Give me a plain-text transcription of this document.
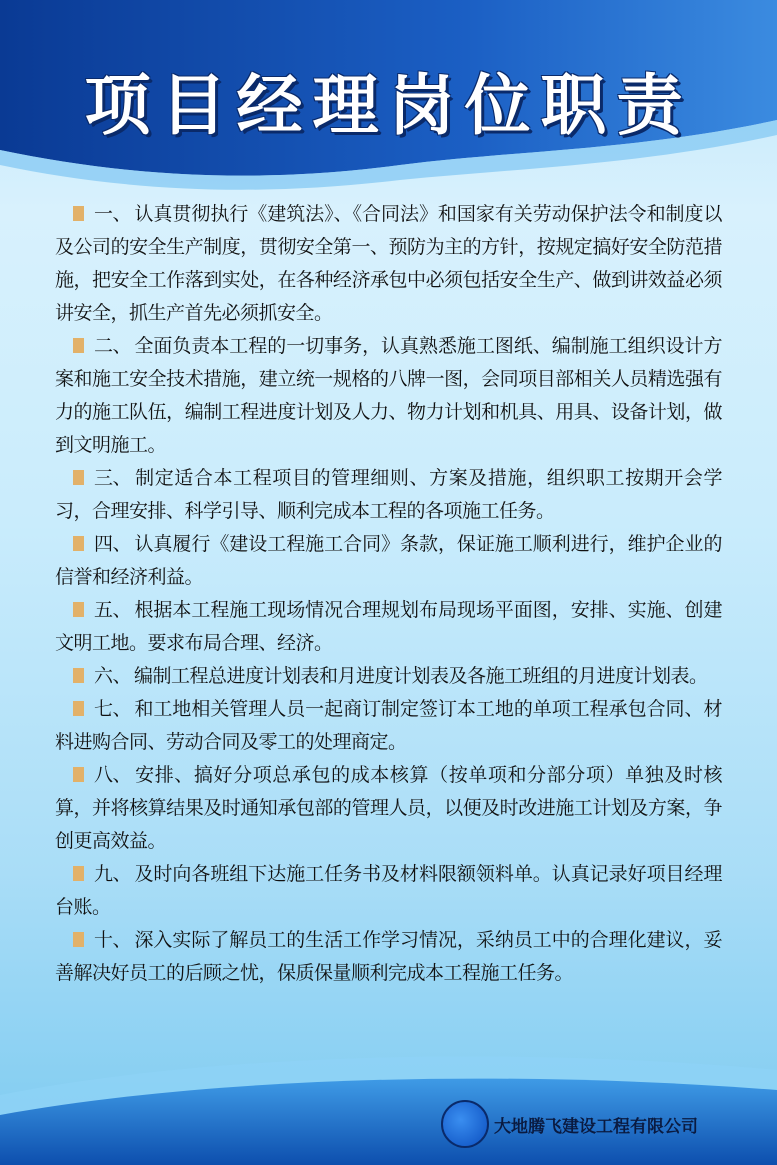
项目经理岗位职责

一、 认真贯彻执行《建筑法》、《合同法》和国家有关劳动保护法令和制度以及公司的安全生产制度，贯彻安全第一、预防为主的方针，按规定搞好安全防范措施，把安全工作落到实处，在各种经济承包中必须包括安全生产、做到讲效益必须讲安全，抓生产首先必须抓安全。

二、 全面负责本工程的一切事务，认真熟悉施工图纸、编制施工组织设计方案和施工安全技术措施，建立统一规格的八牌一图，会同项目部相关人员精选强有力的施工队伍，编制工程进度计划及人力、物力计划和机具、用具、设备计划，做到文明施工。

三、 制定适合本工程项目的管理细则、方案及措施，组织职工按期开会学习，合理安排、科学引导、顺利完成本工程的各项施工任务。

四、 认真履行《建设工程施工合同》条款，保证施工顺利进行，维护企业的信誉和经济利益。

五、 根据本工程施工现场情况合理规划布局现场平面图，安排、实施、创建文明工地。要求布局合理、经济。

六、 编制工程总进度计划表和月进度计划表及各施工班组的月进度计划表。

七、 和工地相关管理人员一起商订制定签订本工地的单项工程承包合同、材料进购合同、劳动合同及零工的处理商定。

八、 安排、搞好分项总承包的成本核算（按单项和分部分项）单独及时核算，并将核算结果及时通知承包部的管理人员，以便及时改进施工计划及方案，争创更高效益。

九、 及时向各班组下达施工任务书及材料限额领料单。认真记录好项目经理台账。

十、 深入实际了解员工的生活工作学习情况，采纳员工中的合理化建议，妥善解决好员工的后顾之忧，保质保量顺利完成本工程施工任务。

大地腾飞建设工程有限公司
